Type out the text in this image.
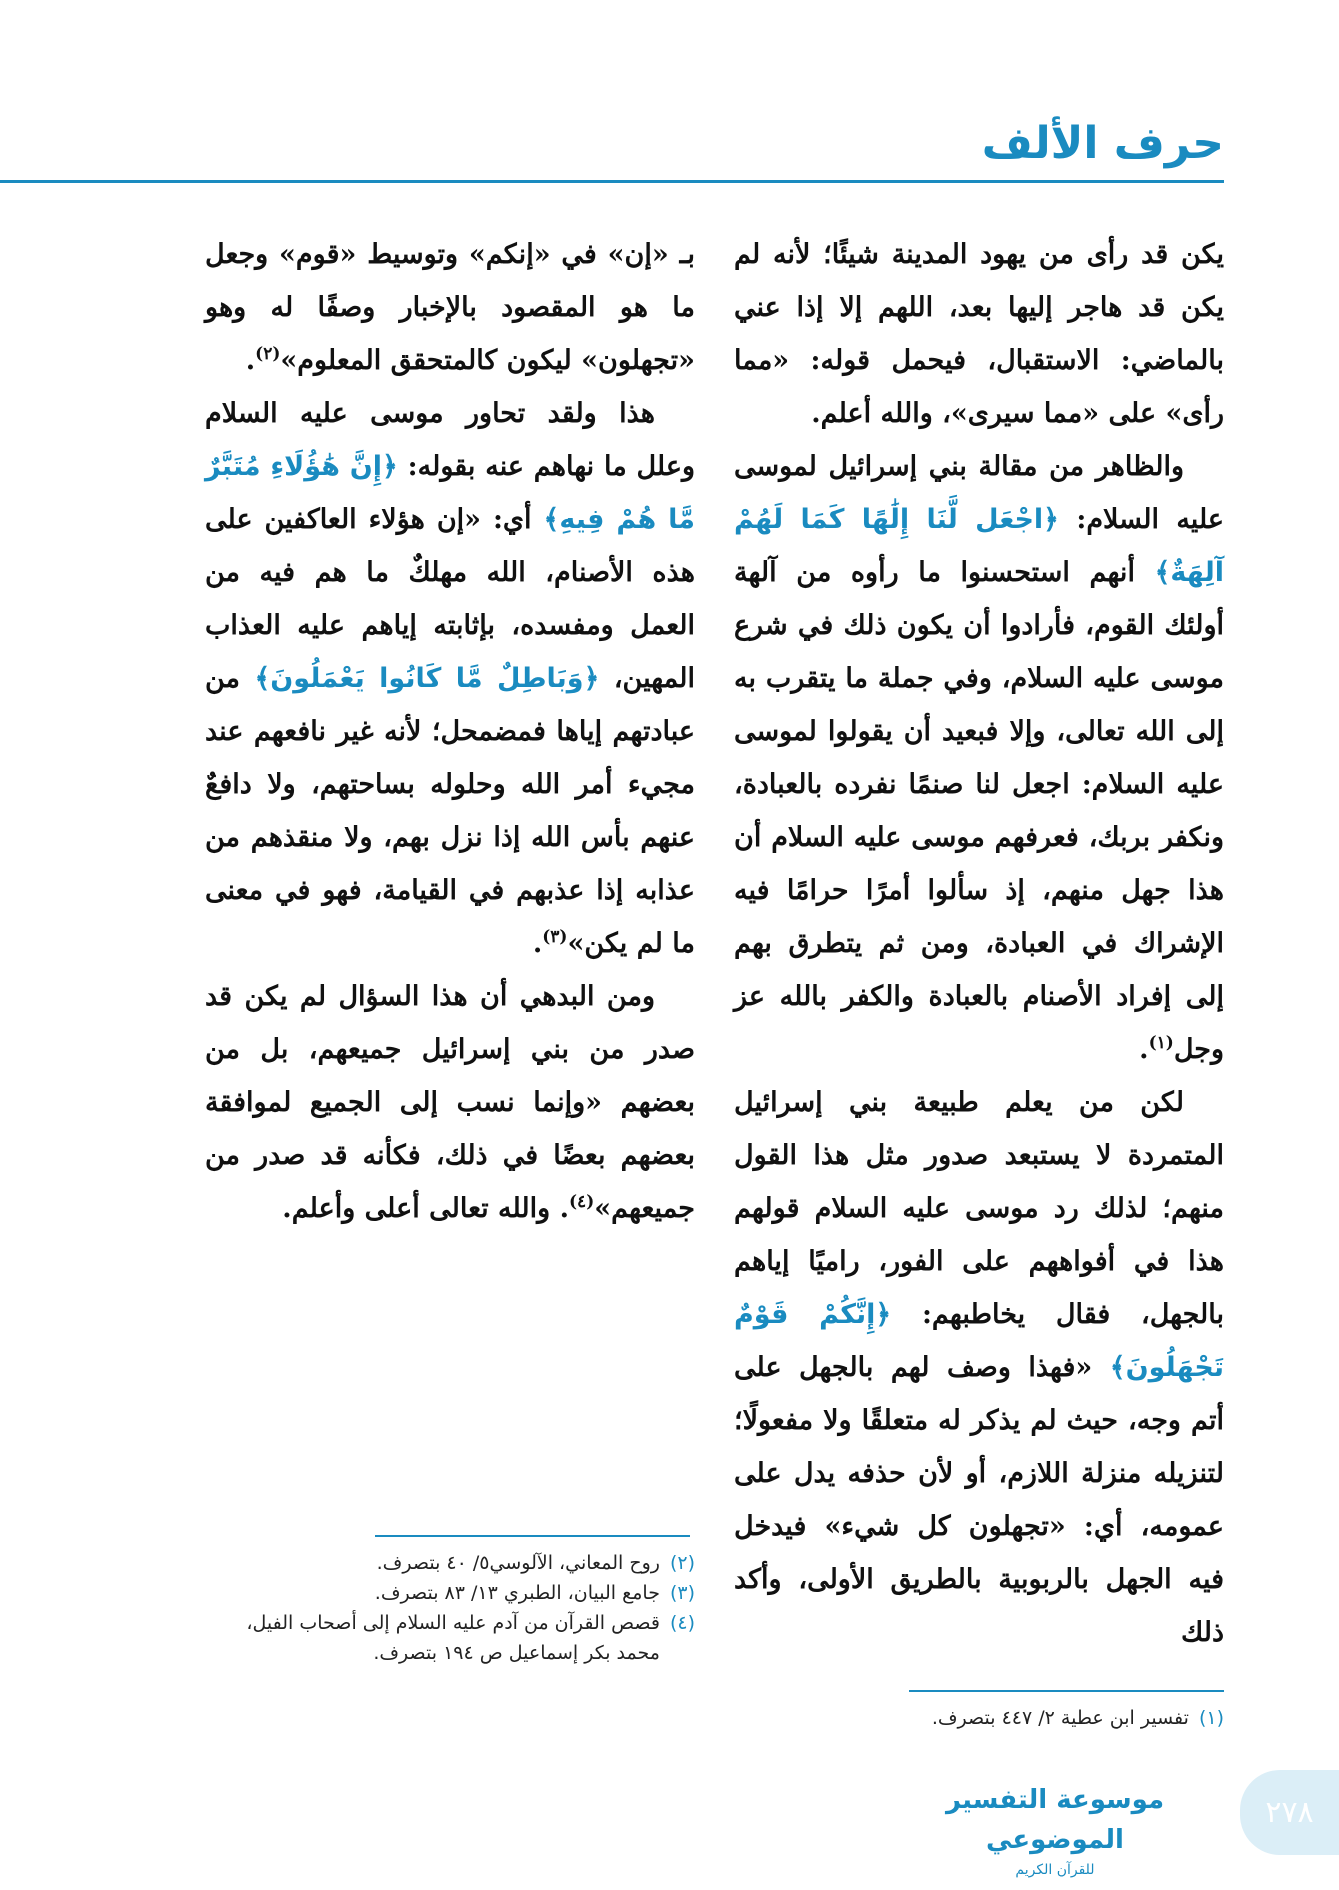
حرف الألف

يكن قد رأى من يهود المدينة شيئًا؛ لأنه لم يكن قد هاجر إليها بعد، اللهم إلا إذا عني بالماضي: الاستقبال، فيحمل قوله: «مما رأى» على «مما سيرى»، والله أعلم.

والظاهر من مقالة بني إسرائيل لموسى عليه السلام: ﴿اجْعَل لَّنَا إِلَٰهًا كَمَا لَهُمْ آلِهَةٌ﴾ أنهم استحسنوا ما رأوه من آلهة أولئك القوم، فأرادوا أن يكون ذلك في شرع موسى عليه السلام، وفي جملة ما يتقرب به إلى الله تعالى، وإلا فبعيد أن يقولوا لموسى عليه السلام: اجعل لنا صنمًا نفرده بالعبادة، ونكفر بربك، فعرفهم موسى عليه السلام أن هذا جهل منهم، إذ سألوا أمرًا حرامًا فيه الإشراك في العبادة، ومن ثم يتطرق بهم إلى إفراد الأصنام بالعبادة والكفر بالله عز وجل$^{(١)}$.

لكن من يعلم طبيعة بني إسرائيل المتمردة لا يستبعد صدور مثل هذا القول منهم؛ لذلك رد موسى عليه السلام قولهم هذا في أفواههم على الفور، راميًا إياهم بالجهل، فقال يخاطبهم: ﴿إِنَّكُمْ قَوْمٌ تَجْهَلُونَ﴾ «فهذا وصف لهم بالجهل على أتم وجه، حيث لم يذكر له متعلقًا ولا مفعولًا؛ لتنزيله منزلة اللازم، أو لأن حذفه يدل على عمومه، أي: «تجهلون كل شيء» فيدخل فيه الجهل بالربوبية بالطريق الأولى، وأكد ذلك

بـ «إن» في «إنكم» وتوسيط «قوم» وجعل ما هو المقصود بالإخبار وصفًا له وهو «تجهلون» ليكون كالمتحقق المعلوم»$^{(٢)}$.

هذا ولقد تحاور موسى عليه السلام وعلل ما نهاهم عنه بقوله: ﴿إِنَّ هَٰؤُلَاءِ مُتَبَّرٌ مَّا هُمْ فِيهِ﴾ أي: «إن هؤلاء العاكفين على هذه الأصنام، الله مهلكٌ ما هم فيه من العمل ومفسده، بإثابته إياهم عليه العذاب المهين، ﴿وَبَاطِلٌ مَّا كَانُوا يَعْمَلُونَ﴾ من عبادتهم إياها فمضمحل؛ لأنه غير نافعهم عند مجيء أمر الله وحلوله بساحتهم، ولا دافعٌ عنهم بأس الله إذا نزل بهم، ولا منقذهم من عذابه إذا عذبهم في القيامة، فهو في معنى ما لم يكن»$^{(٣)}$.

ومن البدهي أن هذا السؤال لم يكن قد صدر من بني إسرائيل جميعهم، بل من بعضهم «وإنما نسب إلى الجميع لموافقة بعضهم بعضًا في ذلك، فكأنه قد صدر من جميعهم»$^{(٤)}$. والله تعالى أعلى وأعلم.

(٢)
روح المعاني، الآلوسي٥/ ٤٠ بتصرف.
(٣)
جامع البيان، الطبري ١٣/ ٨٣ بتصرف.
(٤)
قصص القرآن من آدم عليه السلام إلى أصحاب الفيل، محمد بكر إسماعيل ص ١٩٤ بتصرف.
(١)
تفسير ابن عطية ٢/ ٤٤٧ بتصرف.
موسوعة التفسير الموضوعي
للقرآن الكريم
٢٧٨
